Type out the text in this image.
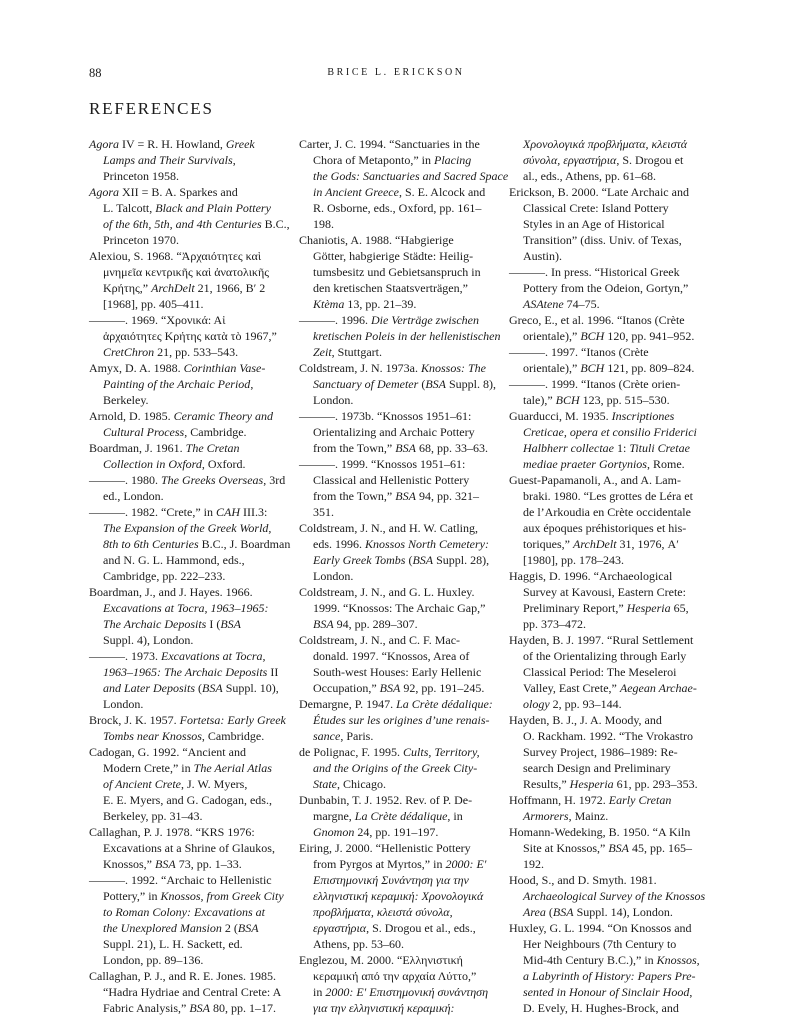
88	BRICE L. ERICKSON
REFERENCES
Agora IV = R. H. Howland, Greek
Lamps and Their Survivals,
Princeton 1958.
Agora XII = B. A. Sparkes and
L. Talcott, Black and Plain Pottery
of the 6th, 5th, and 4th Centuries B.C.,
Princeton 1970.
Alexiou, S. 1968. “Ἀρχαιότητες καὶ
μνημεῖα κεντρικῆς καὶ ἀνατολικῆς
Κρήτης,” ArchDelt 21, 1966, Β′ 2
[1968], pp. 405–411.
———. 1969. “Χρονικά: Αἱ
ἀρχαιότητες Κρήτης κατὰ τὸ 1967,”
CretChron 21, pp. 533–543.
Amyx, D. A. 1988. Corinthian Vase-
Painting of the Archaic Period,
Berkeley.
Arnold, D. 1985. Ceramic Theory and
Cultural Process, Cambridge.
Boardman, J. 1961. The Cretan
Collection in Oxford, Oxford.
———. 1980. The Greeks Overseas, 3rd
ed., London.
———. 1982. “Crete,” in CAH III.3:
The Expansion of the Greek World,
8th to 6th Centuries B.C., J. Boardman
and N. G. L. Hammond, eds.,
Cambridge, pp. 222–233.
Boardman, J., and J. Hayes. 1966.
Excavations at Tocra, 1963–1965:
The Archaic Deposits I (BSA
Suppl. 4), London.
———. 1973. Excavations at Tocra,
1963–1965: The Archaic Deposits II
and Later Deposits (BSA Suppl. 10),
London.
Brock, J. K. 1957. Fortetsa: Early Greek
Tombs near Knossos, Cambridge.
Cadogan, G. 1992. “Ancient and
Modern Crete,” in The Aerial Atlas
of Ancient Crete, J. W. Myers,
E. E. Myers, and G. Cadogan, eds.,
Berkeley, pp. 31–43.
Callaghan, P. J. 1978. “KRS 1976:
Excavations at a Shrine of Glaukos,
Knossos,” BSA 73, pp. 1–33.
———. 1992. “Archaic to Hellenistic
Pottery,” in Knossos, from Greek City
to Roman Colony: Excavations at
the Unexplored Mansion 2 (BSA
Suppl. 21), L. H. Sackett, ed.
London, pp. 89–136.
Callaghan, P. J., and R. E. Jones. 1985.
“Hadra Hydriae and Central Crete: A
Fabric Analysis,” BSA 80, pp. 1–17.
Carter, J. C. 1994. “Sanctuaries in the
Chora of Metaponto,” in Placing
the Gods: Sanctuaries and Sacred Space
in Ancient Greece, S. E. Alcock and
R. Osborne, eds., Oxford, pp. 161–
198.
Chaniotis, A. 1988. “Habgierige
Götter, habgierige Städte: Heilig-
tumsbesitz und Gebietsanspruch in
den kretischen Staatsverträgen,”
Ktèma 13, pp. 21–39.
———. 1996. Die Verträge zwischen
kretischen Poleis in der hellenistischen
Zeit, Stuttgart.
Coldstream, J. N. 1973a. Knossos: The
Sanctuary of Demeter (BSA Suppl. 8),
London.
———. 1973b. “Knossos 1951–61:
Orientalizing and Archaic Pottery
from the Town,” BSA 68, pp. 33–63.
———. 1999. “Knossos 1951–61:
Classical and Hellenistic Pottery
from the Town,” BSA 94, pp. 321–
351.
Coldstream, J. N., and H. W. Catling,
eds. 1996. Knossos North Cemetery:
Early Greek Tombs (BSA Suppl. 28),
London.
Coldstream, J. N., and G. L. Huxley.
1999. “Knossos: The Archaic Gap,”
BSA 94, pp. 289–307.
Coldstream, J. N., and C. F. Mac-
donald. 1997. “Knossos, Area of
South-west Houses: Early Hellenic
Occupation,” BSA 92, pp. 191–245.
Demargne, P. 1947. La Crète dédalique:
Études sur les origines d’une renais-
sance, Paris.
de Polignac, F. 1995. Cults, Territory,
and the Origins of the Greek City-
State, Chicago.
Dunbabin, T. J. 1952. Rev. of P. De-
margne, La Crète dédalique, in
Gnomon 24, pp. 191–197.
Eiring, J. 2000. “Hellenistic Pottery
from Pyrgos at Myrtos,” in 2000: Ε′
Επιστημονική Συνάντηση για την
ελληνιστική κεραμική: Χρονολογικά
προβλήματα, κλειστά σύνολα,
εργαστήρια, S. Drogou et al., eds.,
Athens, pp. 53–60.
Englezou, M. 2000. “Ελληνιστική
κεραμική από την αρχαία Λύττο,”
in 2000: Ε′ Επιστημονική συνάντηση
για την ελληνιστική κεραμική:
Χρονολογικά προβλήματα, κλειστά
σύνολα, εργαστήρια, S. Drogou et
al., eds., Athens, pp. 61–68.
Erickson, B. 2000. “Late Archaic and
Classical Crete: Island Pottery
Styles in an Age of Historical
Transition” (diss. Univ. of Texas,
Austin).
———. In press. “Historical Greek
Pottery from the Odeion, Gortyn,”
ASAtene 74–75.
Greco, E., et al. 1996. “Itanos (Crète
orientale),” BCH 120, pp. 941–952.
———. 1997. “Itanos (Crète
orientale),” BCH 121, pp. 809–824.
———. 1999. “Itanos (Crète orien-
tale),” BCH 123, pp. 515–530.
Guarducci, M. 1935. Inscriptiones
Creticae, opera et consilio Friderici
Halbherr collectae 1: Tituli Cretae
mediae praeter Gortynios, Rome.
Guest-Papamanoli, A., and A. Lam-
braki. 1980. “Les grottes de Léra et
de l’Arkoudia en Crète occidentale
aux époques préhistoriques et his-
toriques,” ArchDelt 31, 1976, Α′
[1980], pp. 178–243.
Haggis, D. 1996. “Archaeological
Survey at Kavousi, Eastern Crete:
Preliminary Report,” Hesperia 65,
pp. 373–472.
Hayden, B. J. 1997. “Rural Settlement
of the Orientalizing through Early
Classical Period: The Meseleroi
Valley, East Crete,” Aegean Archae-
ology 2, pp. 93–144.
Hayden, B. J., J. A. Moody, and
O. Rackham. 1992. “The Vrokastro
Survey Project, 1986–1989: Re-
search Design and Preliminary
Results,” Hesperia 61, pp. 293–353.
Hoffmann, H. 1972. Early Cretan
Armorers, Mainz.
Homann-Wedeking, B. 1950. “A Kiln
Site at Knossos,” BSA 45, pp. 165–
192.
Hood, S., and D. Smyth. 1981.
Archaeological Survey of the Knossos
Area (BSA Suppl. 14), London.
Huxley, G. L. 1994. “On Knossos and
Her Neighbours (7th Century to
Mid-4th Century B.C.),” in Knossos,
a Labyrinth of History: Papers Pre-
sented in Honour of Sinclair Hood,
D. Evely, H. Hughes-Brock, and
